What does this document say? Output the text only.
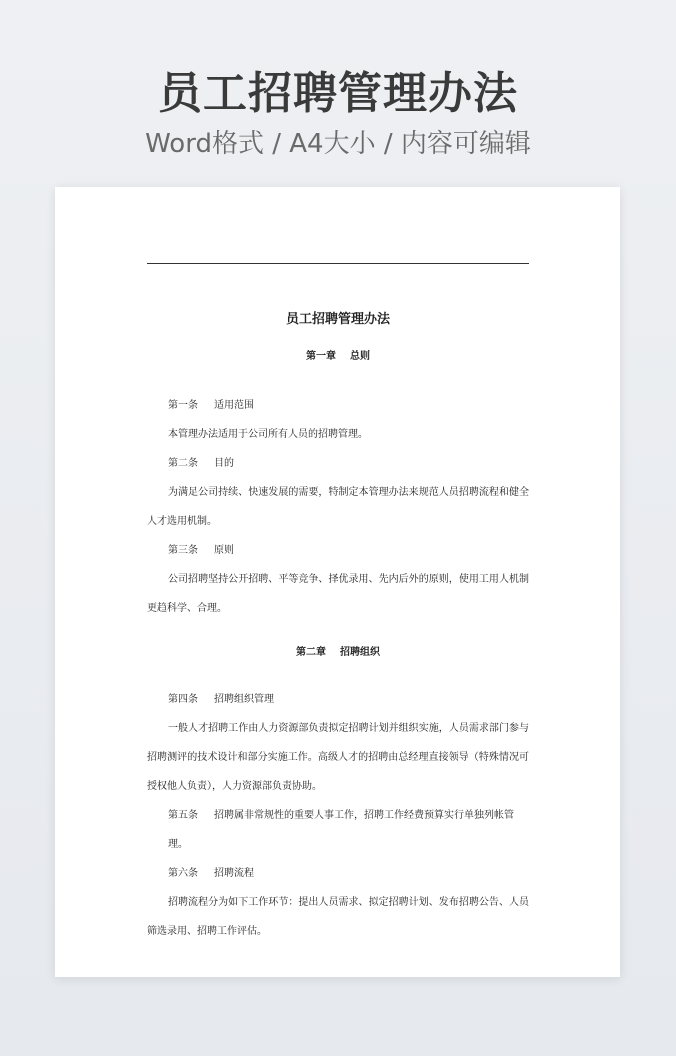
员工招聘管理办法
Word格式 / A4大小 / 内容可编辑
员工招聘管理办法
第一章 总则
第一条 适用范围
本管理办法适用于公司所有人员的招聘管理。
第二条 目的
为满足公司持续、快速发展的需要，特制定本管理办法来规范人员招聘流程和健全人才选用机制。
第三条 原则
公司招聘坚持公开招聘、平等竞争、择优录用、先内后外的原则，使用工用人机制更趋科学、合理。
第二章 招聘组织
第四条 招聘组织管理
一般人才招聘工作由人力资源部负责拟定招聘计划并组织实施，人员需求部门参与招聘测评的技术设计和部分实施工作。高级人才的招聘由总经理直接领导（特殊情况可授权他人负责），人力资源部负责协助。
第五条 招聘属非常规性的重要人事工作，招聘工作经费预算实行单独列帐管理。
第六条 招聘流程
招聘流程分为如下工作环节：提出人员需求、拟定招聘计划、发布招聘公告、人员筛选录用、招聘工作评估。
